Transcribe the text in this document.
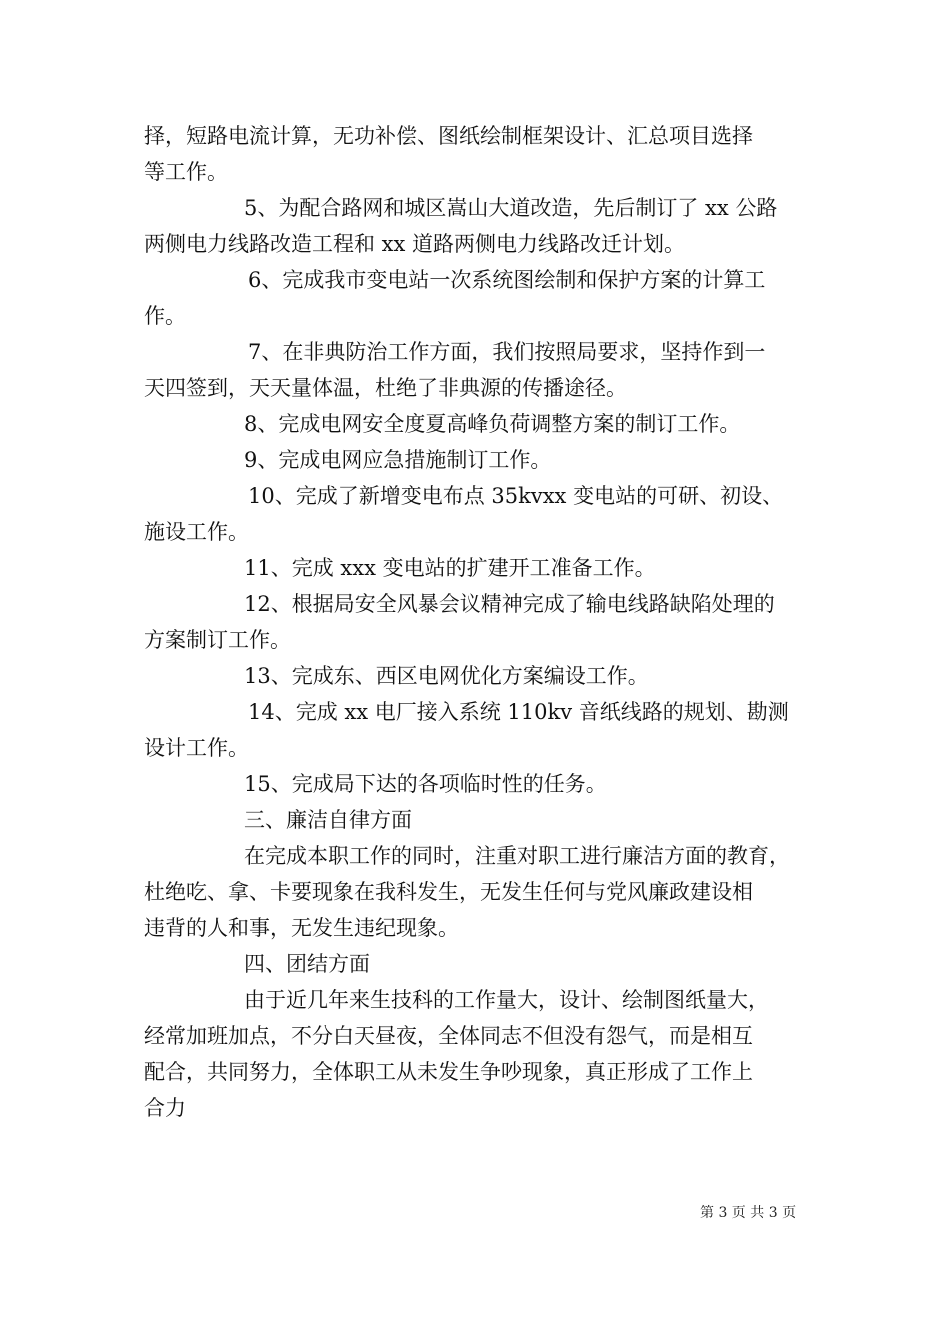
择，短路电流计算，无功补偿、图纸绘制框架设计、汇总项目选择
等工作。

5、为配合路网和城区嵩山大道改造，先后制订了 xx 公路
两侧电力线路改造工程和 xx 道路两侧电力线路改迁计划。

6、完成我市变电站一次系统图绘制和保护方案的计算工
作。

7、在非典防治工作方面，我们按照局要求，坚持作到一
天四签到，天天量体温，杜绝了非典源的传播途径。

8、完成电网安全度夏高峰负荷调整方案的制订工作。

9、完成电网应急措施制订工作。

10、完成了新增变电布点 35kvxx 变电站的可研、初设、
施设工作。

11、完成 xxx 变电站的扩建开工准备工作。

12、根据局安全风暴会议精神完成了输电线路缺陷处理的
方案制订工作。

13、完成东、西区电网优化方案编设工作。

14、完成 xx 电厂接入系统 110kv 音纸线路的规划、勘测
设计工作。

15、完成局下达的各项临时性的任务。

三、廉洁自律方面

在完成本职工作的同时，注重对职工进行廉洁方面的教育，
杜绝吃、拿、卡要现象在我科发生，无发生任何与党风廉政建设相
违背的人和事，无发生违纪现象。

四、团结方面

由于近几年来生技科的工作量大，设计、绘制图纸量大，
经常加班加点，不分白天昼夜，全体同志不但没有怨气，而是相互
配合，共同努力，全体职工从未发生争吵现象，真正形成了工作上
合力

第 3 页 共 3 页
